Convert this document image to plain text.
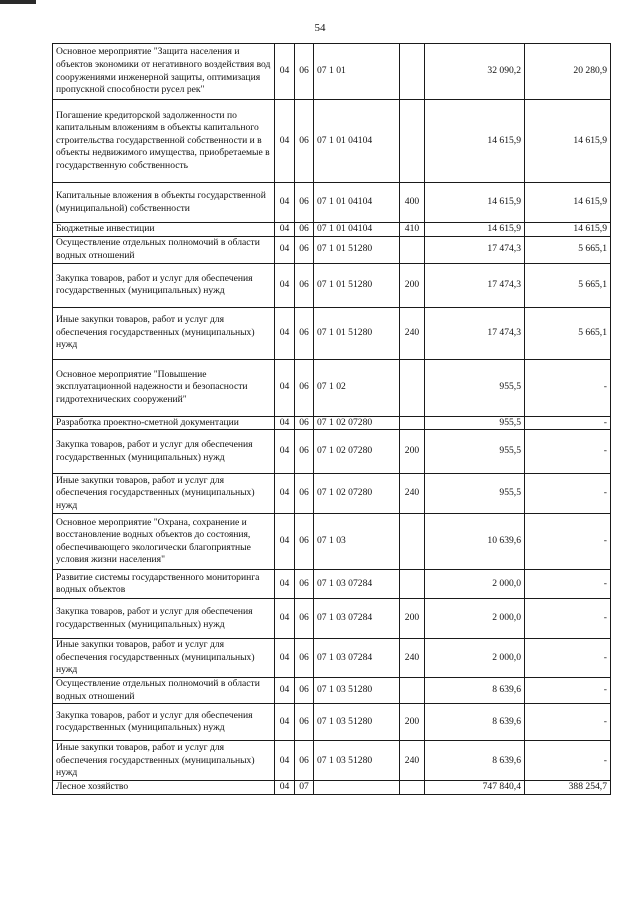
54
Основное мероприятие "Защита населения и объектов экономики от негативного воздействия вод сооружениями инженерной защиты, оптимизация пропускной способности русел рек"	04	06	07 1 01		32 090,2	20 280,9
Погашение кредиторской задолженности по капитальным вложениям в объекты капитального строительства государственной собственности и в объекты недвижимого имущества, приобретаемые в государственную собственность	04	06	07 1 01 04104		14 615,9	14 615,9
Капитальные вложения в объекты государственной (муниципальной) собственности	04	06	07 1 01 04104	400	14 615,9	14 615,9
Бюджетные инвестиции	04	06	07 1 01 04104	410	14 615,9	14 615,9
Осуществление отдельных полномочий в области водных отношений	04	06	07 1 01 51280		17 474,3	5 665,1
Закупка товаров, работ и услуг для обеспечения государственных (муниципальных) нужд	04	06	07 1 01 51280	200	17 474,3	5 665,1
Иные закупки товаров, работ и услуг для обеспечения государственных (муниципальных) нужд	04	06	07 1 01 51280	240	17 474,3	5 665,1
Основное мероприятие "Повышение эксплуатационной надежности и безопасности гидротехнических сооружений"	04	06	07 1 02		955,5	-
Разработка проектно-сметной документации	04	06	07 1 02 07280		955,5	-
Закупка товаров, работ и услуг для обеспечения государственных (муниципальных) нужд	04	06	07 1 02 07280	200	955,5	-
Иные закупки товаров, работ и услуг для обеспечения государственных (муниципальных) нужд	04	06	07 1 02 07280	240	955,5	-
Основное мероприятие "Охрана, сохранение и восстановление водных объектов до состояния, обеспечивающего экологически благоприятные условия жизни населения"	04	06	07 1 03		10 639,6	-
Развитие системы государственного мониторинга водных объектов	04	06	07 1 03 07284		2 000,0	-
Закупка товаров, работ и услуг для обеспечения государственных (муниципальных) нужд	04	06	07 1 03 07284	200	2 000,0	-
Иные закупки товаров, работ и услуг для обеспечения государственных (муниципальных) нужд	04	06	07 1 03 07284	240	2 000,0	-
Осуществление отдельных полномочий в области водных отношений	04	06	07 1 03 51280		8 639,6	-
Закупка товаров, работ и услуг для обеспечения государственных (муниципальных) нужд	04	06	07 1 03 51280	200	8 639,6	-
Иные закупки товаров, работ и услуг для обеспечения государственных (муниципальных) нужд	04	06	07 1 03 51280	240	8 639,6	-
Лесное хозяйство	04	07			747 840,4	388 254,7
